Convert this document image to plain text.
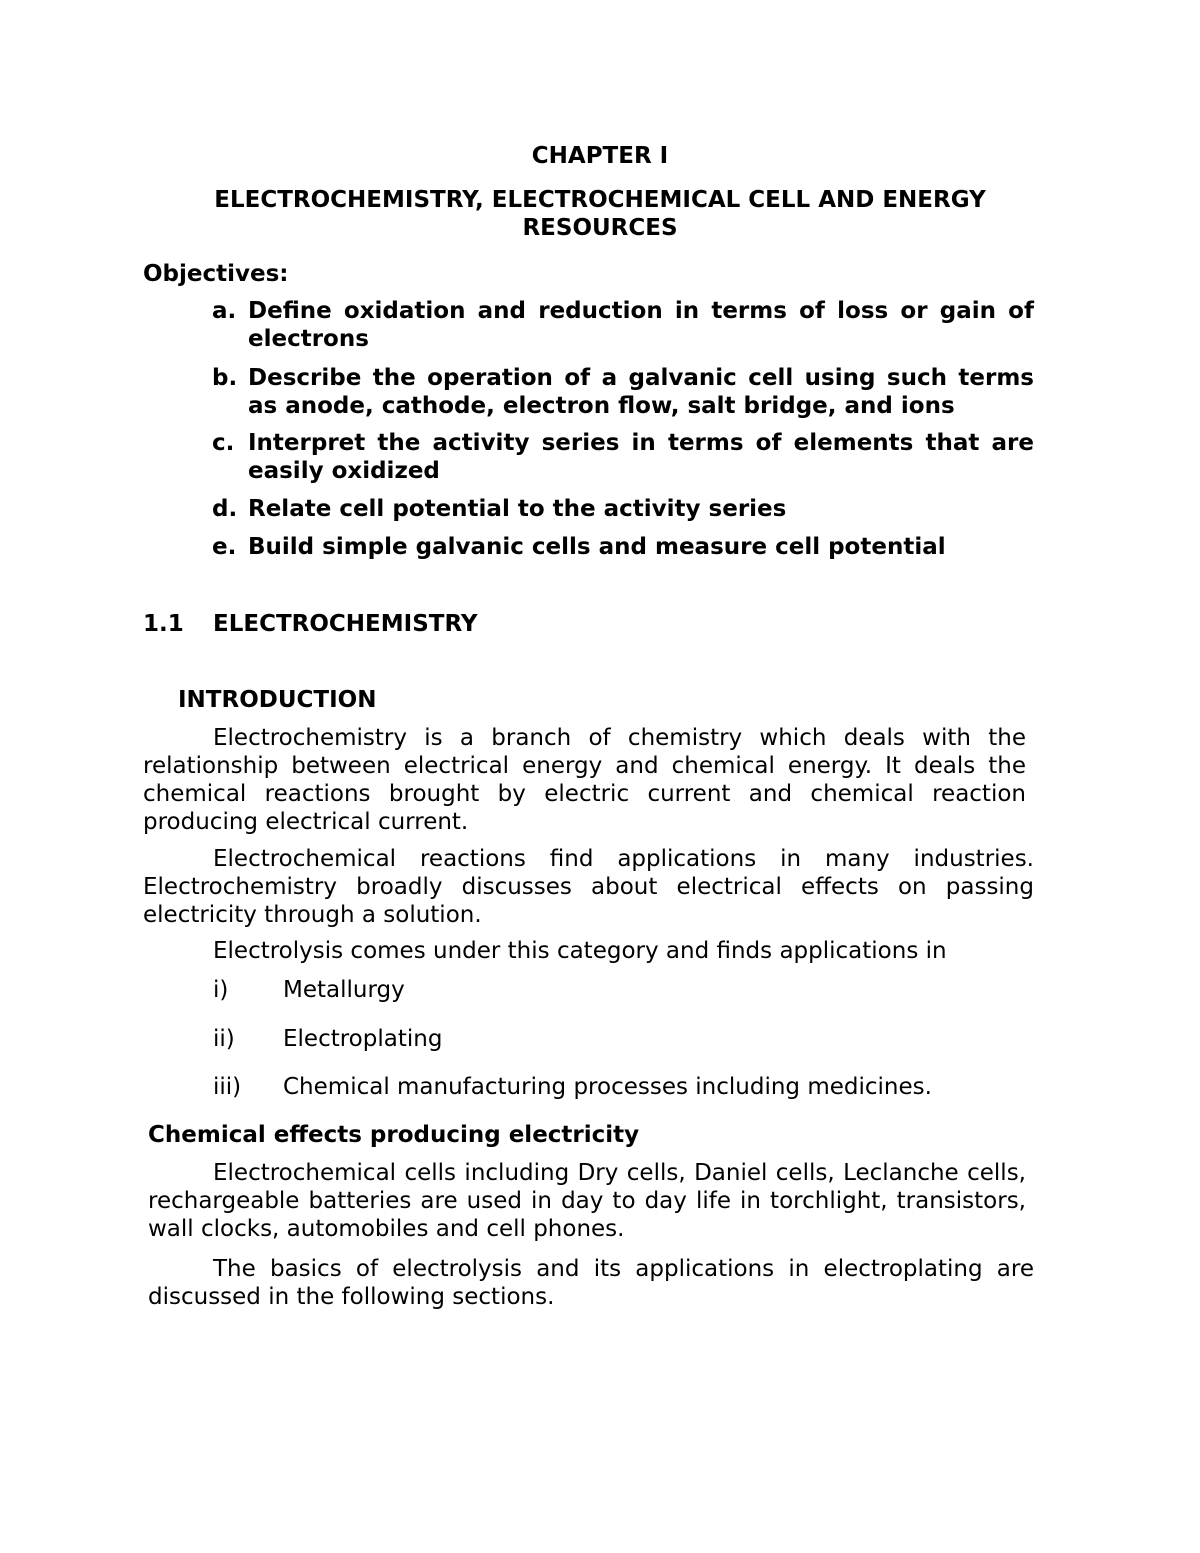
CHAPTER I
ELECTROCHEMISTRY, ELECTROCHEMICAL CELL AND ENERGY
RESOURCES
Objectives:
a. Define oxidation and reduction in terms of loss or gain of electrons
b. Describe the operation of a galvanic cell using such terms as anode, cathode, electron flow, salt bridge, and ions
c. Interpret the activity series in terms of elements that are easily oxidized
d. Relate cell potential to the activity series
e. Build simple galvanic cells and measure cell potential
1.1 ELECTROCHEMISTRY
INTRODUCTION
Electrochemistry is a branch of chemistry which deals with the relationship between electrical energy and chemical energy. It deals the chemical reactions brought by electric current and chemical reaction producing electrical current.
Electrochemical reactions find applications in many industries. Electrochemistry broadly discusses about electrical effects on passing electricity through a solution.
Electrolysis comes under this category and finds applications in
i) Metallurgy
ii) Electroplating
iii) Chemical manufacturing processes including medicines.
Chemical effects producing electricity
Electrochemical cells including Dry cells, Daniel cells, Leclanche cells, rechargeable batteries are used in day to day life in torchlight, transistors, wall clocks, automobiles and cell phones.
The basics of electrolysis and its applications in electroplating are discussed in the following sections.
